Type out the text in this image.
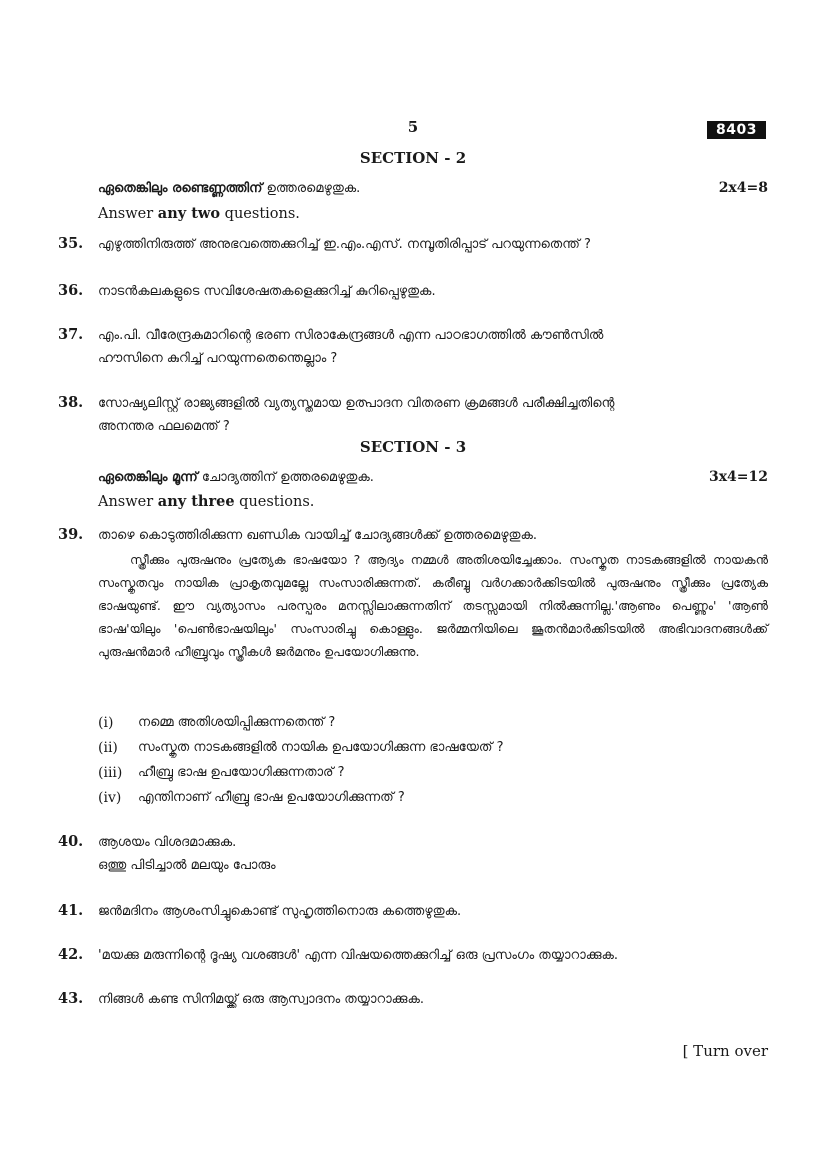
5	8403
SECTION - 2
ഏതെങ്കിലും രണ്ടെണ്ണത്തിന് ഉത്തരമെഴുതുക.	2x4=8
Answer any two questions.
35. എഴുത്തിനിരുത്ത് അനുഭവത്തെക്കുറിച്ച് ഇ.എം.എസ്. നമ്പൂതിരിപ്പാട് പറയുന്നതെന്ത് ?
36. നാടൻകലകളുടെ സവിശേഷതകളെക്കുറിച്ച് കുറിപ്പെഴുതുക.
37. എം.പി. വീരേന്ദ്രകുമാറിന്റെ ഭരണ സിരാകേന്ദ്രങ്ങൾ എന്ന പാഠഭാഗത്തിൽ കൗൺസിൽ
ഹൗസിനെ കുറിച്ച് പറയുന്നതെന്തെല്ലാം ?
38. സോഷ്യലിസ്റ്റ് രാജ്യങ്ങളിൽ വ്യത്യസ്തമായ ഉത്പാദന വിതരണ ക്രമങ്ങൾ പരീക്ഷിച്ചതിന്റെ
അനന്തര ഫലമെന്ത് ?
SECTION - 3
ഏതെങ്കിലും മൂന്ന് ചോദ്യത്തിന് ഉത്തരമെഴുതുക.	3x4=12
Answer any three questions.
39. താഴെ കൊടുത്തിരിക്കുന്ന ഖണ്ഡിക വായിച്ച് ചോദ്യങ്ങൾക്ക് ഉത്തരമെഴുതുക.
സ്ത്രീക്കും പുരുഷനും പ്രത്യേക ഭാഷയോ ? ആദ്യം നമ്മൾ അതിശയിച്ചേക്കാം. സംസ്കൃത നാടകങ്ങളിൽ നായകൻ സംസ്കൃതവും നായിക പ്രാകൃതവുമല്ലേ സംസാരിക്കുന്നത്. കരീബ്ബു വർഗക്കാർക്കിടയിൽ പുരുഷനും സ്ത്രീക്കും പ്രത്യേക ഭാഷയുണ്ട്. ഈ വ്യത്യാസം പരസ്പരം മനസ്സിലാക്കുന്നതിന് തടസ്സമായി നിൽക്കുന്നില്ല.'ആണും പെണ്ണും' 'ആൺ ഭാഷ'യിലും 'പെൺഭാഷയിലും' സംസാരിച്ചു കൊള്ളും. ജർമ്മനിയിലെ ജൂതൻമാർക്കിടയിൽ അഭിവാദനങ്ങൾക്ക് പുരുഷൻമാർ ഹീബ്രുവും സ്ത്രീകൾ ജർമനും ഉപയോഗിക്കുന്നു.
(i) നമ്മെ അതിശയിപ്പിക്കുന്നതെന്ത് ?
(ii) സംസ്കൃത നാടകങ്ങളിൽ നായിക ഉപയോഗിക്കുന്ന ഭാഷയേത് ?
(iii) ഹീബ്രു ഭാഷ ഉപയോഗിക്കുന്നതാര് ?
(iv) എന്തിനാണ് ഹീബ്രു ഭാഷ ഉപയോഗിക്കുന്നത് ?
40. ആശയം വിശദമാക്കുക.
ഒത്തു പിടിച്ചാൽ മലയും പോരും
41. ജൻമദിനം ആശംസിച്ചുകൊണ്ട് സുഹൃത്തിനൊരു കത്തെഴുതുക.
42. 'മയക്കു മരുന്നിന്റെ ദൂഷ്യ വശങ്ങൾ' എന്ന വിഷയത്തെക്കുറിച്ച് ഒരു പ്രസംഗം തയ്യാറാക്കുക.
43. നിങ്ങൾ കണ്ട സിനിമയ്ക്ക് ഒരു ആസ്വാദനം തയ്യാറാക്കുക.
[ Turn over
